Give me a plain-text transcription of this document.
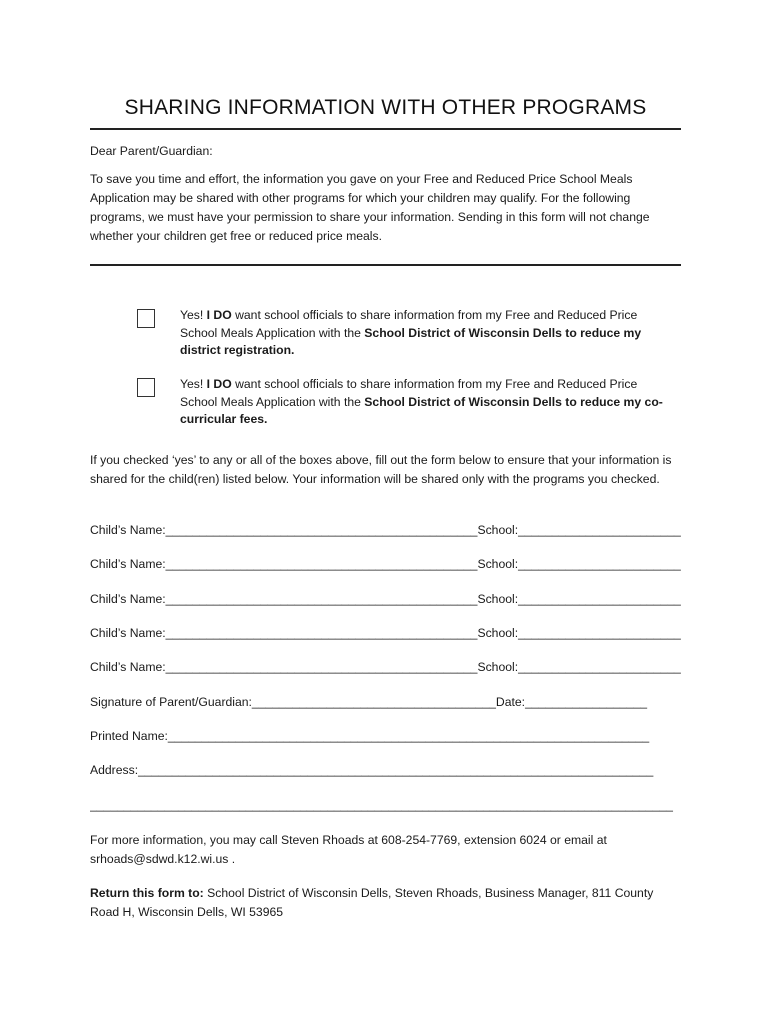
SHARING INFORMATION WITH OTHER PROGRAMS
Dear Parent/Guardian:
To save you time and effort, the information you gave on your Free and Reduced Price School Meals Application may be shared with other programs for which your children may qualify. For the following programs, we must have your permission to share your information. Sending in this form will not change whether your children get free or reduced price meals.
Yes! I DO want school officials to share information from my Free and Reduced Price School Meals Application with the School District of Wisconsin Dells to reduce my district registration.
Yes! I DO want school officials to share information from my Free and Reduced Price School Meals Application with the School District of Wisconsin Dells to reduce my co-curricular fees.
If you checked ‘yes’ to any or all of the boxes above, fill out the form below to ensure that your information is shared for the child(ren) listed below. Your information will be shared only with the programs you checked.
Child’s Name:______________________________________________School:________________________
Child’s Name:______________________________________________School:________________________
Child’s Name:______________________________________________School:________________________
Child’s Name:______________________________________________School:________________________
Child’s Name:______________________________________________School:________________________
Signature of Parent/Guardian:____________________________________Date:__________________
Printed Name:_______________________________________________________________________
Address:____________________________________________________________________________
______________________________________________________________________________________
For more information, you may call Steven Rhoads at 608-254-7769, extension 6024 or email at srhoads@sdwd.k12.wi.us .
Return this form to: School District of Wisconsin Dells, Steven Rhoads, Business Manager, 811 County Road H, Wisconsin Dells, WI 53965
